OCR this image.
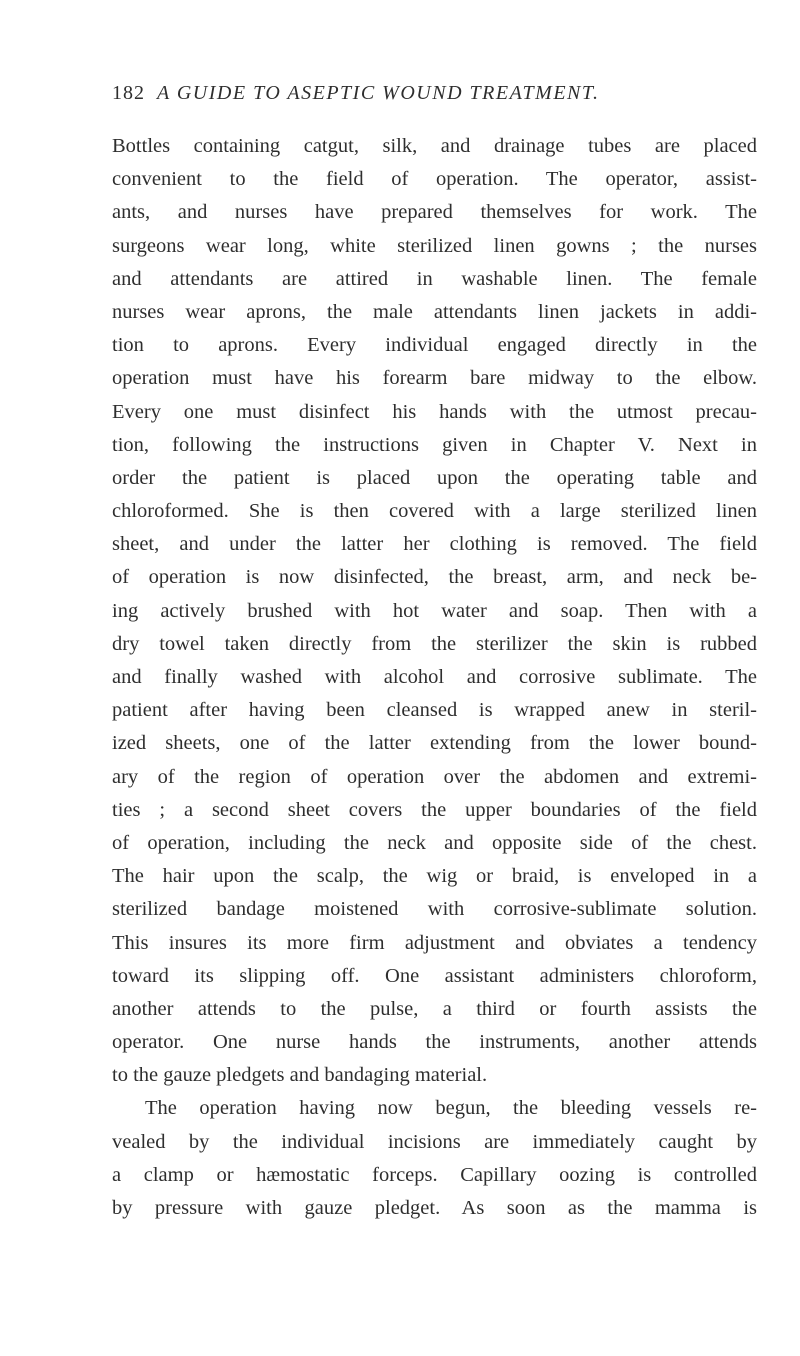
182 A GUIDE TO ASEPTIC WOUND TREATMENT.
Bottles containing catgut, silk, and drainage tubes are placed
convenient to the field of operation. The operator, assist-
ants, and nurses have prepared themselves for work. The
surgeons wear long, white sterilized linen gowns ; the nurses
and attendants are attired in washable linen. The female
nurses wear aprons, the male attendants linen jackets in addi-
tion to aprons. Every individual engaged directly in the
operation must have his forearm bare midway to the elbow.
Every one must disinfect his hands with the utmost precau-
tion, following the instructions given in Chapter V. Next in
order the patient is placed upon the operating table and
chloroformed. She is then covered with a large sterilized linen
sheet, and under the latter her clothing is removed. The field
of operation is now disinfected, the breast, arm, and neck be-
ing actively brushed with hot water and soap. Then with a
dry towel taken directly from the sterilizer the skin is rubbed
and finally washed with alcohol and corrosive sublimate. The
patient after having been cleansed is wrapped anew in steril-
ized sheets, one of the latter extending from the lower bound-
ary of the region of operation over the abdomen and extremi-
ties ; a second sheet covers the upper boundaries of the field
of operation, including the neck and opposite side of the chest.
The hair upon the scalp, the wig or braid, is enveloped in a
sterilized bandage moistened with corrosive-sublimate solution.
This insures its more firm adjustment and obviates a tendency
toward its slipping off. One assistant administers chloroform,
another attends to the pulse, a third or fourth assists the
operator. One nurse hands the instruments, another attends
to the gauze pledgets and bandaging material.
The operation having now begun, the bleeding vessels re-
vealed by the individual incisions are immediately caught by
a clamp or hæmostatic forceps. Capillary oozing is controlled
by pressure with gauze pledget. As soon as the mamma is
